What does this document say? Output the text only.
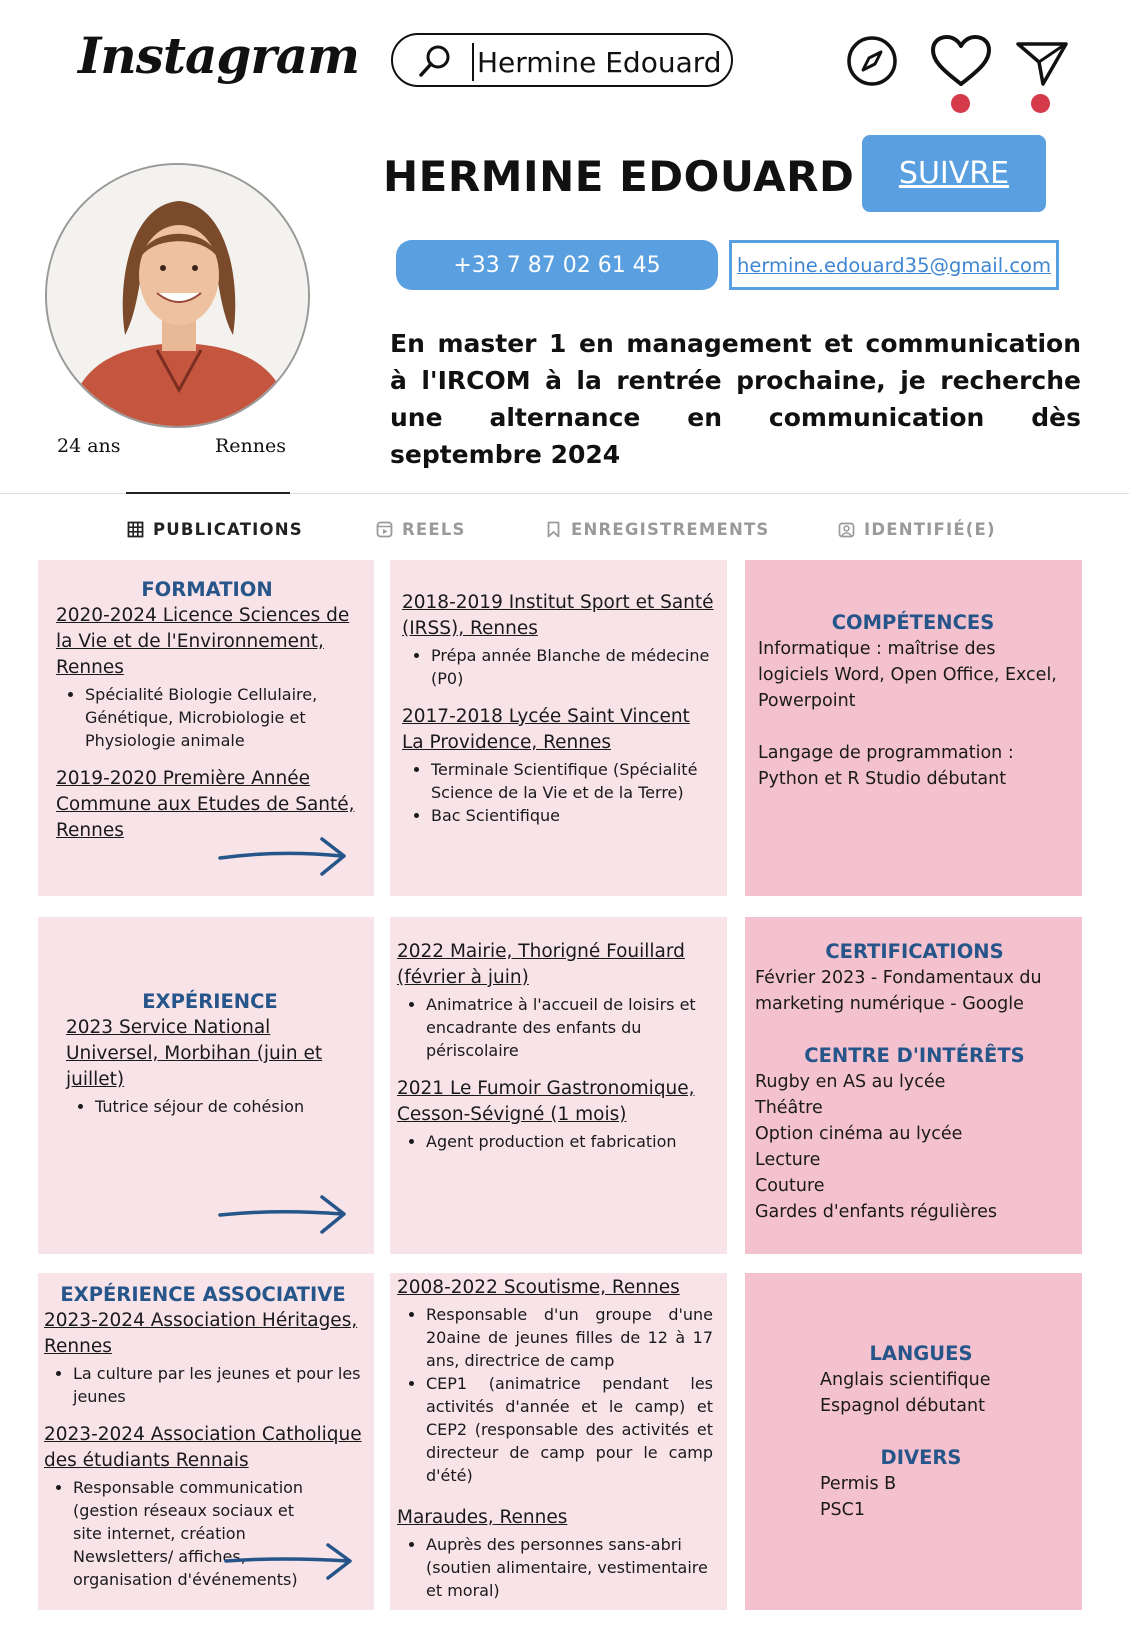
Instagram	Hermine Edouard
24 ans	Rennes
HERMINE EDOUARD	SUIVRE
+33 7 87 02 61 45	hermine.edouard35@gmail.com
En master 1 en management et communication à l'IRCOM à la rentrée prochaine, je recherche une alternance en communication dès septembre 2024
PUBLICATIONS	REELS	ENREGISTREMENTS	IDENTIFIÉ(E)
FORMATION
2020-2024 Licence Sciences de la Vie et de l'Environnement, Rennes
• Spécialité Biologie Cellulaire, Génétique, Microbiologie et Physiologie animale
2019-2020 Première Année Commune aux Etudes de Santé, Rennes
2018-2019 Institut Sport et Santé (IRSS), Rennes
• Prépa année Blanche de médecine (P0)
2017-2018 Lycée Saint Vincent La Providence, Rennes
• Terminale Scientifique (Spécialité Science de la Vie et de la Terre)
• Bac Scientifique
COMPÉTENCES

Informatique : maîtrise des logiciels Word, Open Office, Excel, Powerpoint

Langage de programmation : Python et R Studio débutant

EXPÉRIENCE
2023 Service National Universel, Morbihan (juin et juillet)
• Tutrice séjour de cohésion
2022 Mairie, Thorigné Fouillard (février à juin)
• Animatrice à l'accueil de loisirs et encadrante des enfants du périscolaire
2021 Le Fumoir Gastronomique, Cesson-Sévigné (1 mois)
• Agent production et fabrication
CERTIFICATIONS

Février 2023 - Fondamentaux du marketing numérique - Google

CENTRE D'INTÉRÊTS
Rugby en AS au lycée
Théâtre
Option cinéma au lycée
Lecture
Couture
Gardes d'enfants régulières
EXPÉRIENCE ASSOCIATIVE
2023-2024 Association Héritages, Rennes
• La culture par les jeunes et pour les jeunes
2023-2024 Association Catholique des étudiants Rennais
• Responsable communication (gestion réseaux sociaux et site internet, création Newsletters/ affiches, organisation d'événements)
2008-2022 Scoutisme, Rennes
• Responsable d'un groupe d'une 20aine de jeunes filles de 12 à 17 ans, directrice de camp
• CEP1 (animatrice pendant les activités d'année et le camp) et CEP2 (responsable des activités et directeur de camp pour le camp d'été)
Maraudes, Rennes
• Auprès des personnes sans-abri (soutien alimentaire, vestimentaire et moral)
LANGUES
Anglais scientifique
Espagnol débutant
DIVERS
Permis B
PSC1
